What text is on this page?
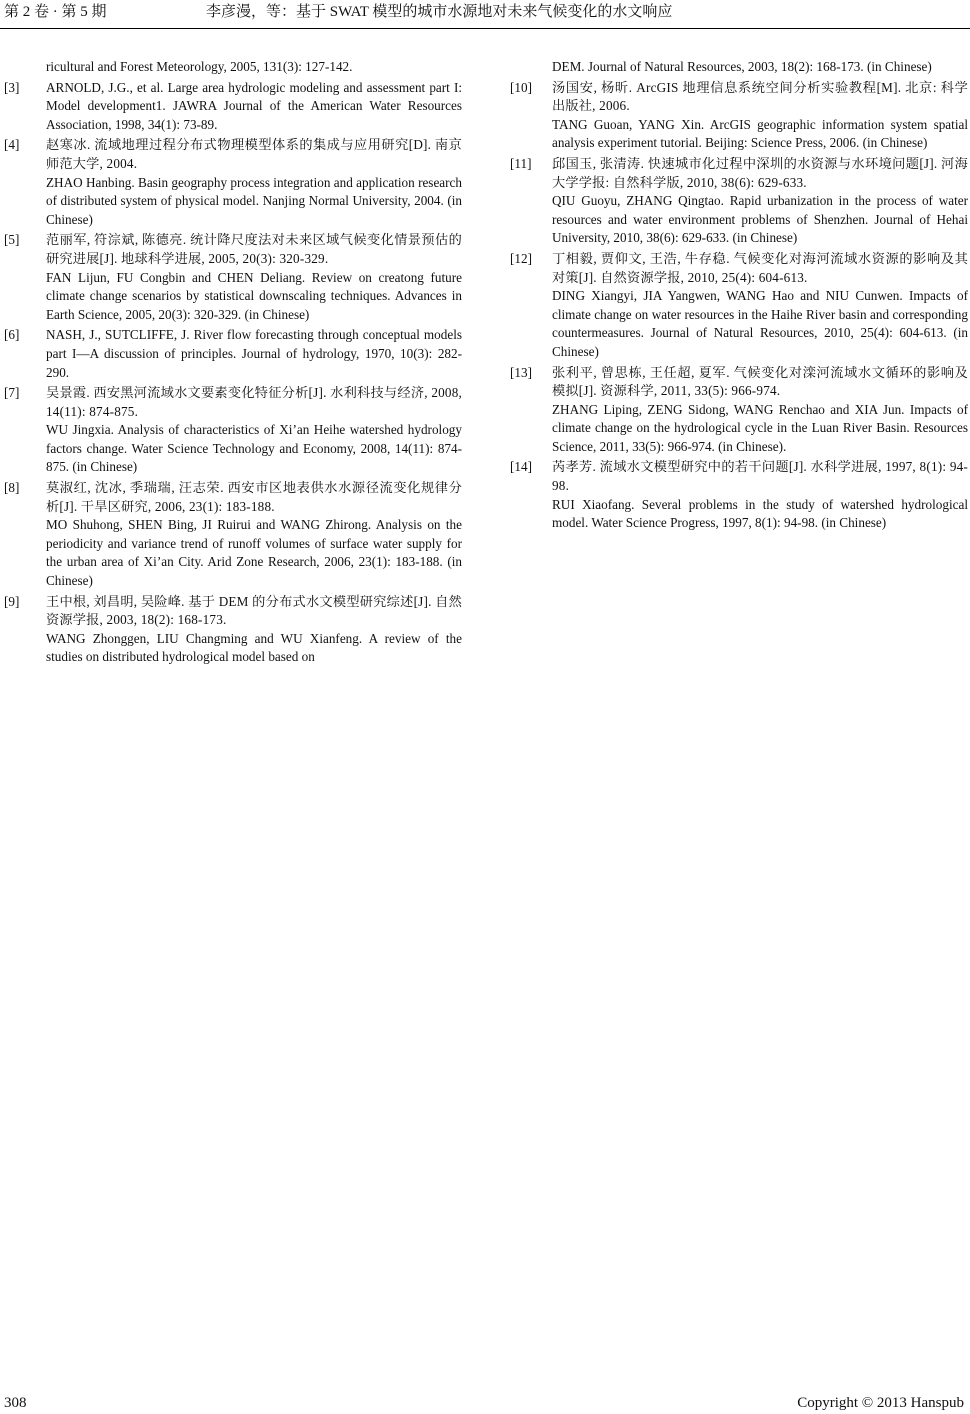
第 2 卷 · 第 5 期	李彦漫，等：基于 SWAT 模型的城市水源地对未来气候变化的水文响应

ricultural and Forest Meteorology, 2005, 131(3): 127-142.

[3] ARNOLD, J.G., et al. Large area hydrologic modeling and assessment part I: Model development1. JAWRA Journal of the American Water Resources Association, 1998, 34(1): 73-89.

[4] 赵寒冰. 流域地理过程分布式物理模型体系的集成与应用研究[D]. 南京师范大学, 2004.

ZHAO Hanbing. Basin geography process integration and application research of distributed system of physical model. Nanjing Normal University, 2004. (in Chinese)

[5] 范丽军, 符淙斌, 陈德亮. 统计降尺度法对未来区域气候变化情景预估的研究进展[J]. 地球科学进展, 2005, 20(3): 320-329.

FAN Lijun, FU Congbin and CHEN Deliang. Review on creatong future climate change scenarios by statistical downscaling techniques. Advances in Earth Science, 2005, 20(3): 320-329. (in Chinese)

[6] NASH, J., SUTCLIFFE, J. River flow forecasting through conceptual models part I—A discussion of principles. Journal of hydrology, 1970, 10(3): 282-290.

[7] 吴景霞. 西安黑河流域水文要素变化特征分析[J]. 水利科技与经济, 2008, 14(11): 874-875.

WU Jingxia. Analysis of characteristics of Xi’an Heihe watershed hydrology factors change. Water Science Technology and Economy, 2008, 14(11): 874-875. (in Chinese)

[8] 莫淑红, 沈冰, 季瑞瑞, 汪志荣. 西安市区地表供水水源径流变化规律分析[J]. 干旱区研究, 2006, 23(1): 183-188.

MO Shuhong, SHEN Bing, JI Ruirui and WANG Zhirong. Analysis on the periodicity and variance trend of runoff volumes of surface water supply for the urban area of Xi’an City. Arid Zone Research, 2006, 23(1): 183-188. (in Chinese)

[9] 王中根, 刘昌明, 吴险峰. 基于 DEM 的分布式水文模型研究综述[J]. 自然资源学报, 2003, 18(2): 168-173.

WANG Zhonggen, LIU Changming and WU Xianfeng. A review of the studies on distributed hydrological model based on

DEM. Journal of Natural Resources, 2003, 18(2): 168-173. (in Chinese)

[10] 汤国安, 杨昕. ArcGIS 地理信息系统空间分析实验教程[M]. 北京: 科学出版社, 2006.

TANG Guoan, YANG Xin. ArcGIS geographic information system spatial analysis experiment tutorial. Beijing: Science Press, 2006. (in Chinese)

[11] 邱国玉, 张清涛. 快速城市化过程中深圳的水资源与水环境问题[J]. 河海大学学报: 自然科学版, 2010, 38(6): 629-633.

QIU Guoyu, ZHANG Qingtao. Rapid urbanization in the process of water resources and water environment problems of Shenzhen. Journal of Hehai University, 2010, 38(6): 629-633. (in Chinese)

[12] 丁相毅, 贾仰文, 王浩, 牛存稳. 气候变化对海河流域水资源的影响及其对策[J]. 自然资源学报, 2010, 25(4): 604-613.

DING Xiangyi, JIA Yangwen, WANG Hao and NIU Cunwen. Impacts of climate change on water resources in the Haihe River basin and corresponding countermeasures. Journal of Natural Resources, 2010, 25(4): 604-613. (in Chinese)

[13] 张利平, 曾思栋, 王任超, 夏军. 气候变化对滦河流域水文循环的影响及模拟[J]. 资源科学, 2011, 33(5): 966-974.

ZHANG Liping, ZENG Sidong, WANG Renchao and XIA Jun. Impacts of climate change on the hydrological cycle in the Luan River Basin. Resources Science, 2011, 33(5): 966-974. (in Chinese).

[14] 芮孝芳. 流域水文模型研究中的若干问题[J]. 水科学进展, 1997, 8(1): 94-98.

RUI Xiaofang. Several problems in the study of watershed hydrological model. Water Science Progress, 1997, 8(1): 94-98. (in Chinese)

308	Copyright © 2013 Hanspub
